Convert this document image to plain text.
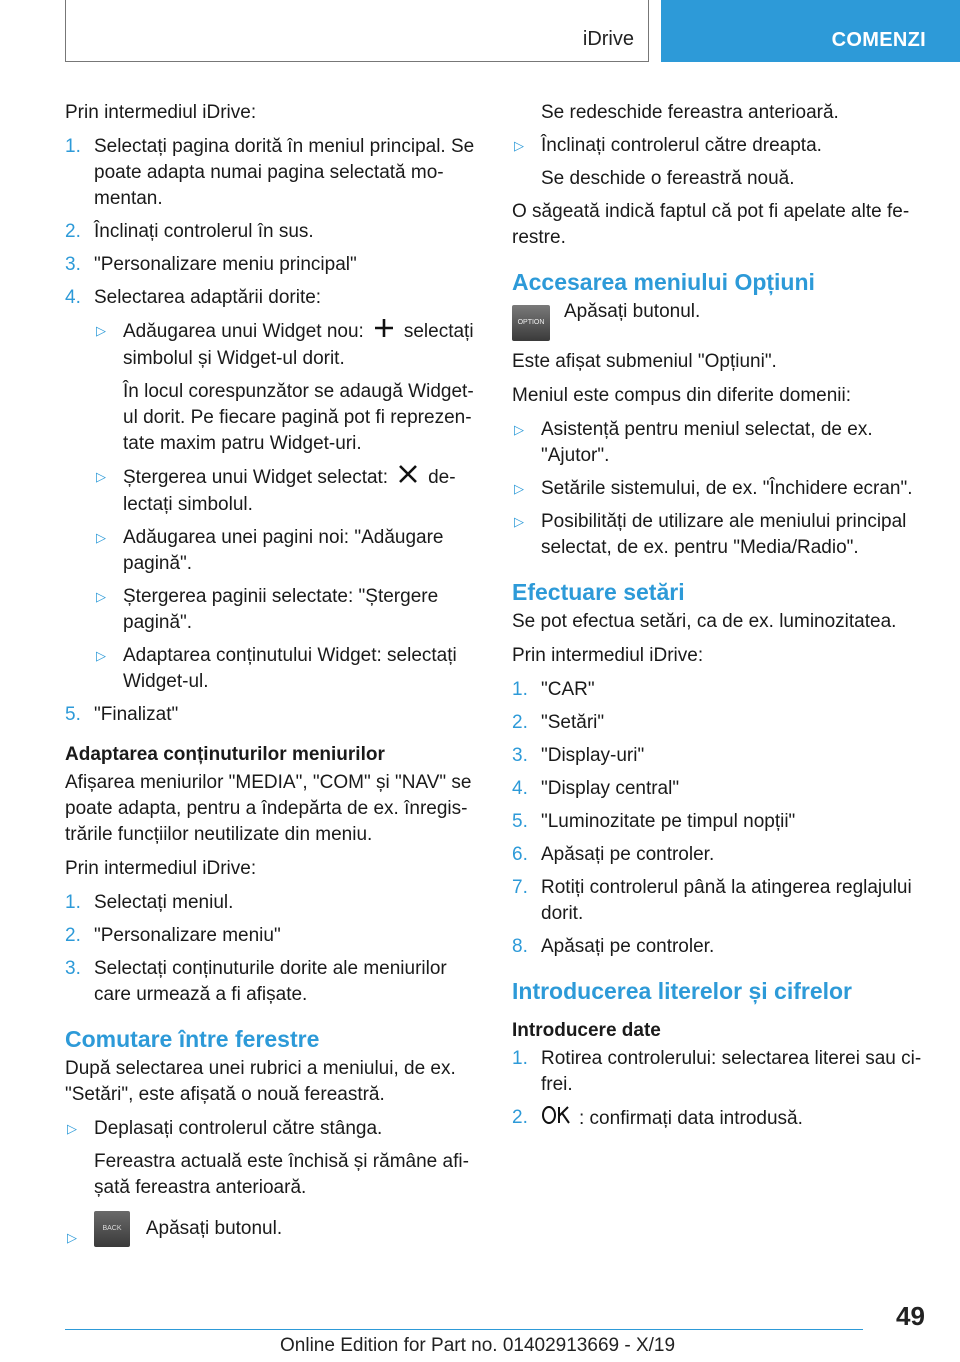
iDrive	COMENZI

Prin intermediul iDrive:

1. Selectați pagina dorită în meniul principal. Se poate adapta numai pagina selectată mo-mentan.
2. Înclinați controlerul în sus.
3. "Personalizare meniu principal"
4. Selectarea adaptării dorite:
▷ Adăugarea unui Widget nou: selectați simbolul și Widget-ul dorit.
În locul corespunzător se adaugă Widget-ul dorit. Pe fiecare pagină pot fi reprezen-tate maxim patru Widget-uri.
▷ Ștergerea unui Widget selectat: de-lectați simbolul.
▷ Adăugarea unei pagini noi: "Adăugare pagină".
▷ Ștergerea paginii selectate: "Ștergere pagină".
▷ Adaptarea conținutului Widget: selectați Widget-ul.
5. "Finalizat"
Adaptarea conținuturilor meniurilor

Afișarea meniurilor "MEDIA", "COM" și "NAV" se poate adapta, pentru a îndepărta de ex. înregis-trările funcțiilor neutilizate din meniu.

Prin intermediul iDrive:

1. Selectați meniul.
2. "Personalizare meniu"
3. Selectați conținuturile dorite ale meniurilor care urmează a fi afișate.
Comutare între ferestre

După selectarea unei rubrici a meniului, de ex. "Setări", este afișată o nouă fereastră.

▷ Deplasați controlerul către stânga.
Fereastra actuală este închisă și rămâne afi-șată fereastra anterioară.
▷
BACK Apăsați butonul.
Se redeschide fereastra anterioară.
▷ Înclinați controlerul către dreapta.
Se deschide o fereastră nouă.

O săgeată indică faptul că pot fi apelate alte fe-restre.

Accesarea meniului Opțiuni
OPTION
Apăsați butonul.

Este afișat submeniul "Opțiuni".

Meniul este compus din diferite domenii:

▷ Asistență pentru meniul selectat, de ex. "Ajutor".
▷ Setările sistemului, de ex. "Închidere ecran".
▷ Posibilități de utilizare ale meniului principal selectat, de ex. pentru "Media/Radio".
Efectuare setări

Se pot efectua setări, ca de ex. luminozitatea.

Prin intermediul iDrive:

1. "CAR"
2. "Setări"
3. "Display-uri"
4. "Display central"
5. "Luminozitate pe timpul nopții"
6. Apăsați pe controler.
7. Rotiți controlerul până la atingerea reglajului dorit.
8. Apăsați pe controler.
Introducerea literelor și cifrelor
Introducere date
1. Rotirea controlerului: selectarea literei sau ci-frei.
2.	: confirmați data introdusă.
49
Online Edition for Part no. 01402913669 - X/19
